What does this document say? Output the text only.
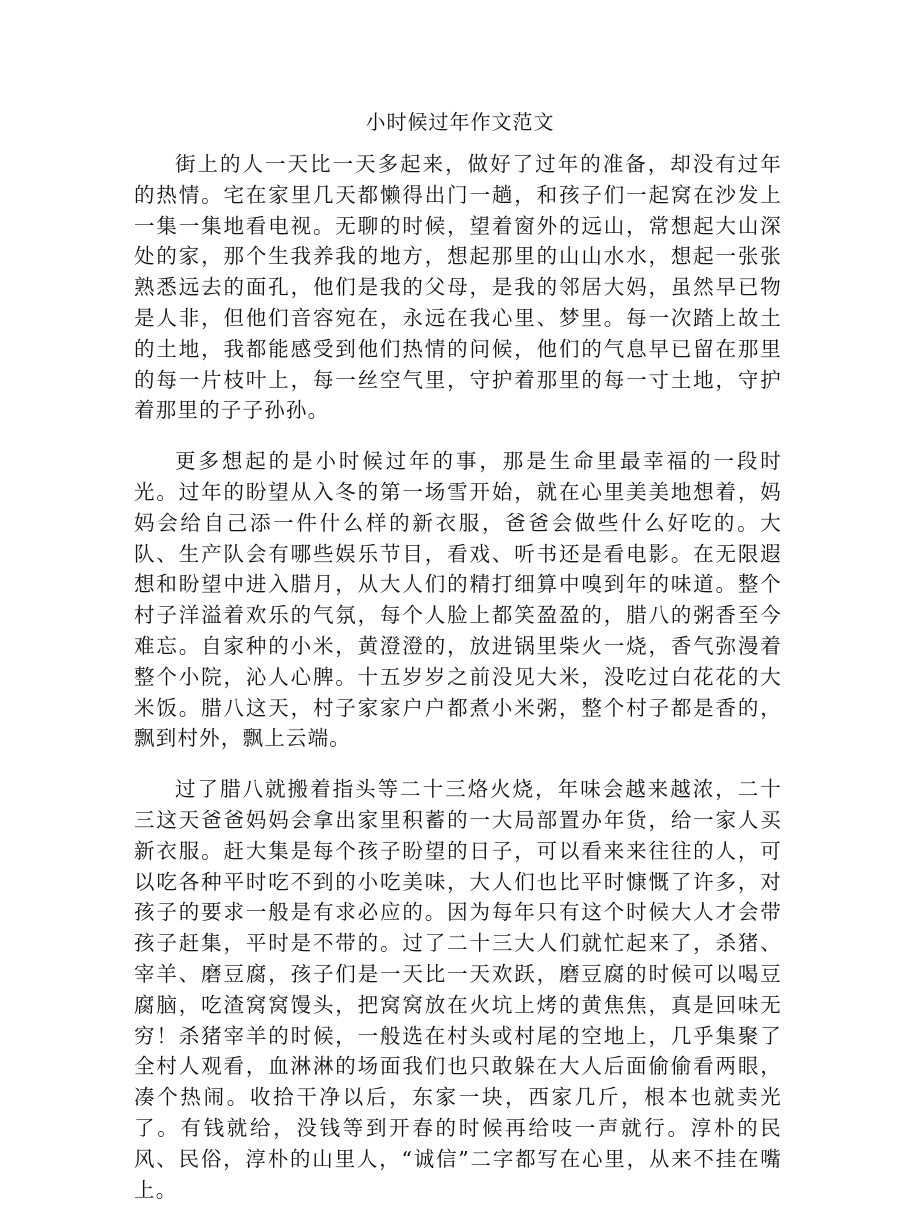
小时候过年作文范文

街上的人一天比一天多起来，做好了过年的准备，却没有过年的热情。宅在家里几天都懒得出门一趟，和孩子们一起窝在沙发上一集一集地看电视。无聊的时候，望着窗外的远山，常想起大山深处的家，那个生我养我的地方，想起那里的山山水水，想起一张张熟悉远去的面孔，他们是我的父母，是我的邻居大妈，虽然早已物是人非，但他们音容宛在，永远在我心里、梦里。每一次踏上故土的土地，我都能感受到他们热情的问候，他们的气息早已留在那里的每一片枝叶上，每一丝空气里，守护着那里的每一寸土地，守护着那里的子子孙孙。

更多想起的是小时候过年的事，那是生命里最幸福的一段时光。过年的盼望从入冬的第一场雪开始，就在心里美美地想着，妈妈会给自己添一件什么样的新衣服，爸爸会做些什么好吃的。大队、生产队会有哪些娱乐节目，看戏、听书还是看电影。在无限遐想和盼望中进入腊月，从大人们的精打细算中嗅到年的味道。整个村子洋溢着欢乐的气氛，每个人脸上都笑盈盈的，腊八的粥香至今难忘。自家种的小米，黄澄澄的，放进锅里柴火一烧，香气弥漫着整个小院，沁人心脾。十五岁岁之前没见大米，没吃过白花花的大米饭。腊八这天，村子家家户户都煮小米粥，整个村子都是香的，飘到村外，飘上云端。

过了腊八就搬着指头等二十三烙火烧，年味会越来越浓，二十三这天爸爸妈妈会拿出家里积蓄的一大局部置办年货，给一家人买新衣服。赶大集是每个孩子盼望的日子，可以看来来往往的人，可以吃各种平时吃不到的小吃美味，大人们也比平时慷慨了许多，对孩子的要求一般是有求必应的。因为每年只有这个时候大人才会带孩子赶集，平时是不带的。过了二十三大人们就忙起来了，杀猪、宰羊、磨豆腐，孩子们是一天比一天欢跃，磨豆腐的时候可以喝豆腐脑，吃渣窝窝馒头，把窝窝放在火坑上烤的黄焦焦，真是回味无穷！杀猪宰羊的时候，一般选在村头或村尾的空地上，几乎集聚了全村人观看，血淋淋的场面我们也只敢躲在大人后面偷偷看两眼，凑个热闹。收拾干净以后，东家一块，西家几斤，根本也就卖光了。有钱就给，没钱等到开春的时候再给吱一声就行。淳朴的民风、民俗，淳朴的山里人，“诚信”二字都写在心里，从来不挂在嘴上。
